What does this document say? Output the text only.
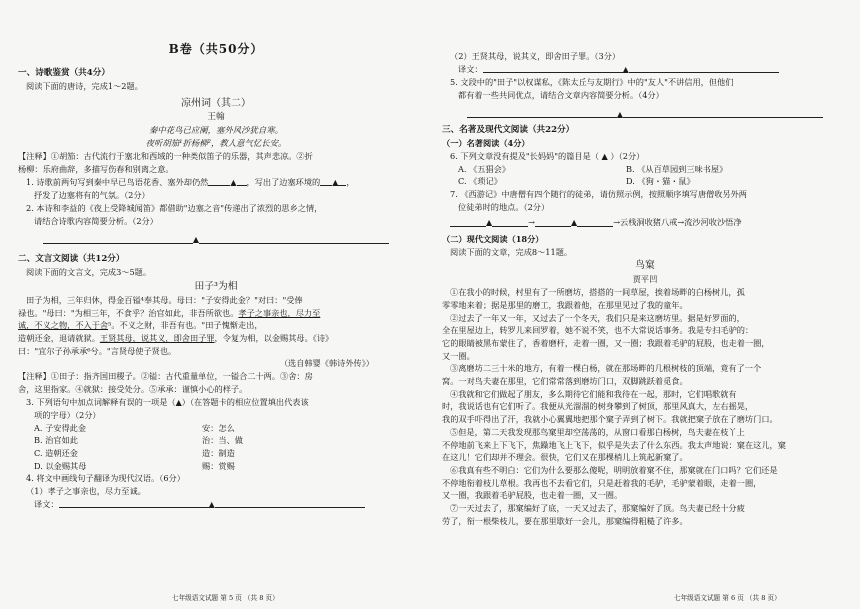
B卷（共50分）

一、诗歌鉴赏（共4分）

阅读下面的唐诗，完成1～2题。

凉州词（其二）

王翰

秦中花鸟已应阑，塞外风沙犹自寒。

夜听胡笳¹折杨柳²，教人意气忆长安。

【注释】①胡笳：古代流行于塞北和西域的一种类似笛子的乐器，其声悲凉。②折

杨柳：乐府曲辞，多描写伤春和别离之意。

1. 诗歌前两句写到秦中早已鸟语花香、塞外却仍然	▲ ，写出了边塞环境的 ▲ ，

抒发了边塞将有的气氛。（2分）

2. 本诗和李益的《夜上受降城闻笛》都借助"边塞之音"传递出了浓烈的思乡之情，

请结合诗歌内容简要分析。（2分）

▲

二、文言文阅读（共12分）

阅读下面的文言文，完成3～5题。

田子³为相

田子为相，三年归休，得金百镒⁴奉其母。母曰："子安得此金？"对曰："受俸

禄也。"母曰："为相三年，不食乎？治官如此，非吾所欲也。孝子之事亲也，尽力至

诚，不义之物，不入于舍⁵。不义之财，非吾有也。"田子愧惭走出，

造朝还金，退请就狱。王贤其母，说其义，即舍田子罪，令复为相，以金赐其母。《诗》

曰："宜尔子孙承承⁶兮。"言贤母使子贤也。

（选自韩婴《韩诗外传》）

【注释】①田子：指齐国田稷子。②镒：古代重量单位，一镒合二十两。③舍：房

舍，这里指家。④就狱：接受处分。⑤承承：谨慎小心的样子。

3. 下列语句中加点词解释有误的一项是（▲）（在答题卡的相应位置填出代表该

项的字母）（2分）

A. 子安得此金	安：怎么
B. 治官如此	治：当、做
C. 造朝还金	造：制造
D. 以金赐其母	赐：赏赐

4. 将文中画线句子翻译为现代汉语。（6分）

（1）孝子之事亲也，尽力至诚。

译文：	▲

七年级语文试题 第 5 页 （共 8 页）

（2）王贤其母，说其义，即舍田子罪。（3分）

译文：	▲

5. 文段中的"田子"以权谋私，《陈太丘与友期行》中的"友人"不讲信用，但他们

都有着一些共同优点，请结合文章内容简要分析。（4分）

▲

三、名著及现代文阅读（共22分）

（一）名著阅读（4分）

6. 下列文章没有提及"长妈妈"的篇目是（ ▲ ）（2分）

A. 《五猖会》	B. 《从百草园到三味书屋》
C. 《琐记》	D. 《狗・猫・鼠》

7. 《西游记》中唐僧有四个随行的徒弟，请仿照示例，按照顺序填写唐僧收另外两

位徒弟时的地点。（2分）

▲	→	▲	→云栈洞收猪八戒→流沙河收沙悟净

（二）现代文阅读（18分）

阅读下面的文章，完成8～11题。

鸟窠

贾平凹

①在我小的时候，村里有了一所磨坊，搭搭的一间草屋，挨着场畔的白杨树儿，孤

零零地来着；据是那里的磨工，我跟着他，在那里见过了我的童年。

②过去了一年又一年，又过去了一个冬天，我们只是来这磨坊里。据是好罗面的，

全在里屋边上，转罗儿来回罗着，她不说不笑，也不大常说话事务。我是专扫毛驴的：

它的眼睛被黑布蒙住了，香着磨杆，走着一圈，又一圈；我跟着毛驴的屁股，也走着一圈，

又一圈。

③离磨坊二三十米的地方，有着一棵白杨，就在那场畔的几根树枝的顶端，竟有了一个

窝。一对鸟夫妻在那里，它们常常落到磨坊门口，双脚跳跃着觅食。

④我就和它们做起了朋友，多么期待它们能和我待在一起，那时，它们唱歌就有

时，我说话也有它们听了。我便从光溜溜的树身攀到了树顶，那里风真大，左右摇晃，

我的双手吓得出了汗，我就小心翼翼地把那个窠子弄到了树下。我就把窠子放在了磨坊门口。

⑤但是，第二天我发现那鸟窠里却空荡荡的，从窗口看那白杨树，鸟夫妻在枝丫上

不停地前飞来上下飞下，焦躁地飞上飞下，似乎是失去了什么东西。我太声地说：窠在这儿，窠

在这儿！它们却并不理会。很快，它们又在那棵梢儿上筑起新窠了。

⑥我真有些不明白：它们为什么要那么傻呢，明明放着窠不住，那窠就在门口吗？它们还是

不停地衔着枝儿草根。我再也不去看它们，只是赶着我的毛驴，毛驴蒙着眼，走着一圈，

又一圈，我跟着毛驴屁股，也走着一圈，又一圈。

⑦一天过去了，那窠编好了底，一天又过去了，那窠编好了顶。鸟夫妻已经十分疲

劳了，衔一根柴枝儿，要在那里歇好一会儿，那窠编得粗糙了许多。

七年级语文试题 第 6 页 （共 8 页）
